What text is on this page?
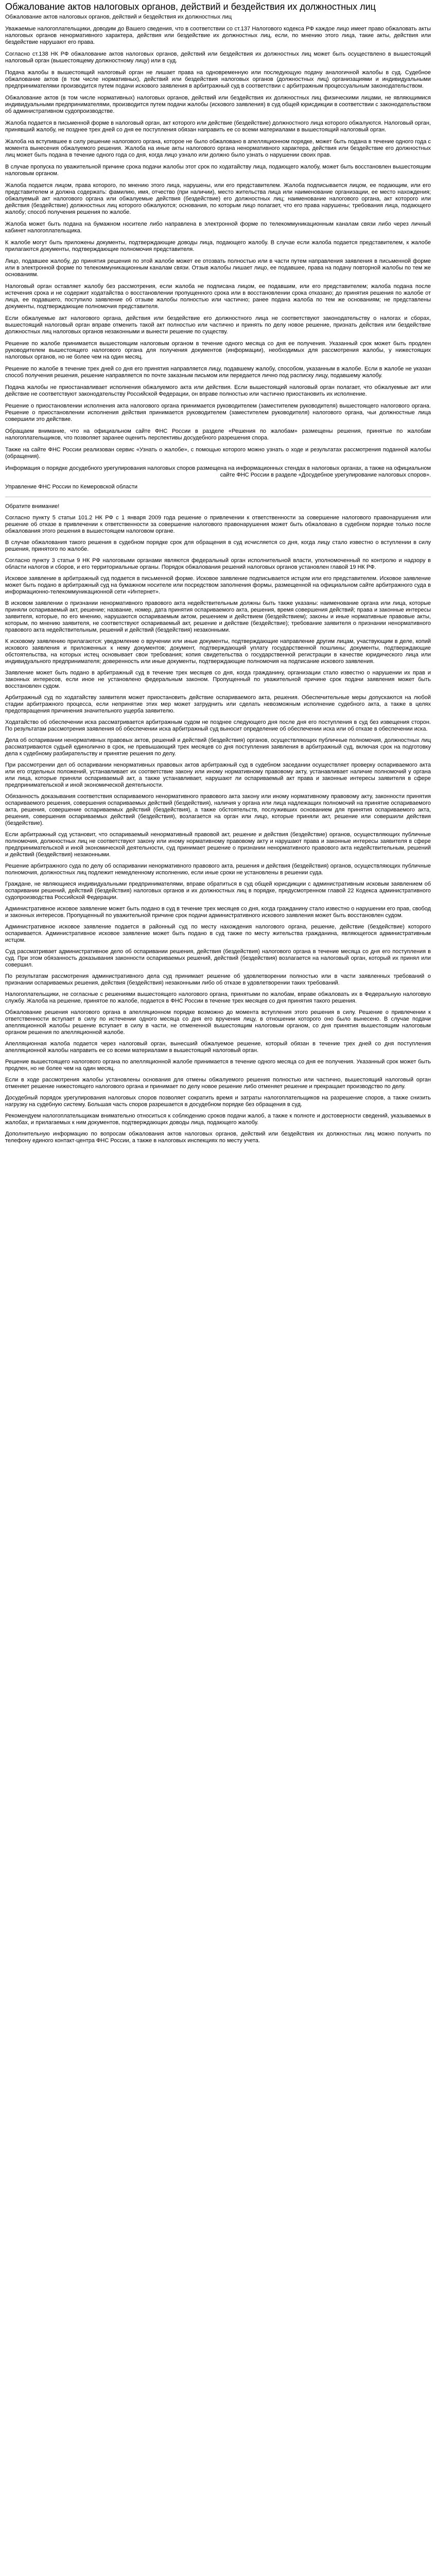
Обжалование актов налоговых органов, действий и бездействия их должностных лиц

Обжалование актов налоговых органов, действий и бездействия их должностных лиц

Уважаемые налогоплательщики, доводим до Вашего сведения, что в соответствии со ст.137 Налогового кодекса РФ каждое лицо имеет право обжаловать акты налоговых органов ненормативного характера, действия или бездействие их должностных лиц, если, по мнению этого лица, такие акты, действия или бездействие нарушают его права.

Согласно ст.138 НК РФ обжалование актов налоговых органов, действий или бездействия их должностных лиц может быть осуществлено в вышестоящий налоговый орган (вышестоящему должностному лицу) или в суд.

Подача жалобы в вышестоящий налоговый орган не лишает права на одновременную или последующую подачу аналогичной жалобы в суд. Судебное обжалование актов (в том числе нормативных), действий или бездействия налоговых органов (должностных лиц) организациями и индивидуальными предпринимателями производится путем подачи искового заявления в арбитражный суд в соответствии с арбитражным процессуальным законодательством.

Обжалование актов (в том числе нормативных) налоговых органов, действий или бездействия их должностных лиц физическими лицами, не являющимися индивидуальными предпринимателями, производится путем подачи жалобы (искового заявления) в суд общей юрисдикции в соответствии с законодательством об административном судопроизводстве.

Жалоба подается в письменной форме в налоговый орган, акт которого или действие (бездействие) должностного лица которого обжалуются. Налоговый орган, принявший жалобу, не позднее трех дней со дня ее поступления обязан направить ее со всеми материалами в вышестоящий налоговый орган.

Жалоба на вступившее в силу решение налогового органа, которое не было обжаловано в апелляционном порядке, может быть подана в течение одного года с момента вынесения обжалуемого решения. Жалоба на иные акты налогового органа ненормативного характера, действия или бездействие его должностных лиц может быть подана в течение одного года со дня, когда лицо узнало или должно было узнать о нарушении своих прав.

В случае пропуска по уважительной причине срока подачи жалобы этот срок по ходатайству лица, подающего жалобу, может быть восстановлен вышестоящим налоговым органом.

Жалоба подается лицом, права которого, по мнению этого лица, нарушены, или его представителем. Жалоба подписывается лицом, ее подающим, или его представителем и должна содержать: фамилию, имя, отчество (при наличии), место жительства лица или наименование организации, ее место нахождения; обжалуемый акт налогового органа или обжалуемые действия (бездействие) его должностных лиц; наименование налогового органа, акт которого или действия (бездействие) должностных лиц которого обжалуются; основания, по которым лицо полагает, что его права нарушены; требования лица, подающего жалобу; способ получения решения по жалобе.

Жалоба может быть подана на бумажном носителе либо направлена в электронной форме по телекоммуникационным каналам связи либо через личный кабинет налогоплательщика.

К жалобе могут быть приложены документы, подтверждающие доводы лица, подающего жалобу. В случае если жалоба подается представителем, к жалобе прилагаются документы, подтверждающие полномочия представителя.

Лицо, подавшее жалобу, до принятия решения по этой жалобе может ее отозвать полностью или в части путем направления заявления в письменной форме или в электронной форме по телекоммуникационным каналам связи. Отзыв жалобы лишает лицо, ее подавшее, права на подачу повторной жалобы по тем же основаниям.

Налоговый орган оставляет жалобу без рассмотрения, если жалоба не подписана лицом, ее подавшим, или его представителем; жалоба подана после истечения срока и не содержит ходатайства о восстановлении пропущенного срока или в восстановлении срока отказано; до принятия решения по жалобе от лица, ее подавшего, поступило заявление об отзыве жалобы полностью или частично; ранее подана жалоба по тем же основаниям; не представлены документы, подтверждающие полномочия представителя.

Если обжалуемые акт налогового органа, действия или бездействие его должностного лица не соответствуют законодательству о налогах и сборах, вышестоящий налоговый орган вправе отменить такой акт полностью или частично и принять по делу новое решение, признать действия или бездействие должностных лиц налоговых органов незаконными и вынести решение по существу.

Решение по жалобе принимается вышестоящим налоговым органом в течение одного месяца со дня ее получения. Указанный срок может быть продлен руководителем вышестоящего налогового органа для получения документов (информации), необходимых для рассмотрения жалобы, у нижестоящих налоговых органов, но не более чем на один месяц.

Решение по жалобе в течение трех дней со дня его принятия направляется лицу, подавшему жалобу, способом, указанным в жалобе. Если в жалобе не указан способ получения решения, решение направляется по почте заказным письмом или передается лично под расписку лицу, подавшему жалобу.

Подача жалобы не приостанавливает исполнения обжалуемого акта или действия. Если вышестоящий налоговый орган полагает, что обжалуемые акт или действие не соответствуют законодательству Российской Федерации, он вправе полностью или частично приостановить их исполнение.

Решение о приостановлении исполнения акта налогового органа принимается руководителем (заместителем руководителя) вышестоящего налогового органа. Решение о приостановлении исполнения действия принимается руководителем (заместителем руководителя) налогового органа, чьи должностные лица совершили это действие.

Обращаем внимание, что на официальном сайте ФНС России в разделе «Решения по жалобам» размещены решения, принятые по жалобам налогоплательщиков, что позволяет заранее оценить перспективы досудебного разрешения спора.

Также на сайте ФНС России реализован сервис «Узнать о жалобе», с помощью которого можно узнать о ходе и результатах рассмотрения поданной жалобы (обращения).

Информация о порядке досудебного урегулирования налоговых споров размещена на информационных стендах в налоговых органах, а также на официальном сайте ФНС России в разделе «Досудебное урегулирование налоговых споров».

Управление ФНС России по Кемеровской области

Обратите внимание!

Согласно пункту 5 статьи 101.2 НК РФ с 1 января 2009 года решение о привлечении к ответственности за совершение налогового правонарушения или решение об отказе в привлечении к ответственности за совершение налогового правонарушения может быть обжаловано в судебном порядке только после обжалования этого решения в вышестоящем налоговом органе.

В случае обжалования такого решения в судебном порядке срок для обращения в суд исчисляется со дня, когда лицу стало известно о вступлении в силу решения, принятого по жалобе.

Согласно пункту 3 статьи 9 НК РФ налоговыми органами являются федеральный орган исполнительной власти, уполномоченный по контролю и надзору в области налогов и сборов, и его территориальные органы. Порядок обжалования решений налоговых органов установлен главой 19 НК РФ.

Исковое заявление в арбитражный суд подается в письменной форме. Исковое заявление подписывается истцом или его представителем. Исковое заявление может быть подано в арбитражный суд на бумажном носителе или посредством заполнения формы, размещенной на официальном сайте арбитражного суда в информационно-телекоммуникационной сети «Интернет».

В исковом заявлении о признании ненормативного правового акта недействительным должны быть также указаны: наименование органа или лица, которые приняли оспариваемый акт, решение; название, номер, дата принятия оспариваемого акта, решения, время совершения действий; права и законные интересы заявителя, которые, по его мнению, нарушаются оспариваемым актом, решением и действием (бездействием); законы и иные нормативные правовые акты, которым, по мнению заявителя, не соответствуют оспариваемый акт, решение и действие (бездействие); требование заявителя о признании ненормативного правового акта недействительным, решений и действий (бездействия) незаконными.

К исковому заявлению прилагаются: уведомление о вручении или иные документы, подтверждающие направление другим лицам, участвующим в деле, копий искового заявления и приложенных к нему документов; документ, подтверждающий уплату государственной пошлины; документы, подтверждающие обстоятельства, на которых истец основывает свои требования; копия свидетельства о государственной регистрации в качестве юридического лица или индивидуального предпринимателя; доверенность или иные документы, подтверждающие полномочия на подписание искового заявления.

Заявление может быть подано в арбитражный суд в течение трех месяцев со дня, когда гражданину, организации стало известно о нарушении их прав и законных интересов, если иное не установлено федеральным законом. Пропущенный по уважительной причине срок подачи заявления может быть восстановлен судом.

Арбитражный суд по ходатайству заявителя может приостановить действие оспариваемого акта, решения. Обеспечительные меры допускаются на любой стадии арбитражного процесса, если непринятие этих мер может затруднить или сделать невозможным исполнение судебного акта, а также в целях предотвращения причинения значительного ущерба заявителю.

Ходатайство об обеспечении иска рассматривается арбитражным судом не позднее следующего дня после дня его поступления в суд без извещения сторон. По результатам рассмотрения заявления об обеспечении иска арбитражный суд выносит определение об обеспечении иска или об отказе в обеспечении иска.

Дела об оспаривании ненормативных правовых актов, решений и действий (бездействия) органов, осуществляющих публичные полномочия, должностных лиц рассматриваются судьей единолично в срок, не превышающий трех месяцев со дня поступления заявления в арбитражный суд, включая срок на подготовку дела к судебному разбирательству и принятие решения по делу.

При рассмотрении дел об оспаривании ненормативных правовых актов арбитражный суд в судебном заседании осуществляет проверку оспариваемого акта или его отдельных положений, устанавливает их соответствие закону или иному нормативному правовому акту, устанавливает наличие полномочий у органа или лица, которые приняли оспариваемый акт, а также устанавливает, нарушают ли оспариваемый акт права и законные интересы заявителя в сфере предпринимательской и иной экономической деятельности.

Обязанность доказывания соответствия оспариваемого ненормативного правового акта закону или иному нормативному правовому акту, законности принятия оспариваемого решения, совершения оспариваемых действий (бездействия), наличия у органа или лица надлежащих полномочий на принятие оспариваемого акта, решения, совершение оспариваемых действий (бездействия), а также обстоятельств, послуживших основанием для принятия оспариваемого акта, решения, совершения оспариваемых действий (бездействия), возлагается на орган или лицо, которые приняли акт, решение или совершили действия (бездействие).

Если арбитражный суд установит, что оспариваемый ненормативный правовой акт, решение и действия (бездействие) органов, осуществляющих публичные полномочия, должностных лиц не соответствуют закону или иному нормативному правовому акту и нарушают права и законные интересы заявителя в сфере предпринимательской и иной экономической деятельности, суд принимает решение о признании ненормативного правового акта недействительным, решений и действий (бездействия) незаконными.

Решение арбитражного суда по делу об оспаривании ненормативного правового акта, решения и действия (бездействия) органов, осуществляющих публичные полномочия, должностных лиц подлежит немедленному исполнению, если иные сроки не установлены в решении суда.

Граждане, не являющиеся индивидуальными предпринимателями, вправе обратиться в суд общей юрисдикции с административным исковым заявлением об оспаривании решений, действий (бездействия) налоговых органов и их должностных лиц в порядке, предусмотренном главой 22 Кодекса административного судопроизводства Российской Федерации.

Административное исковое заявление может быть подано в суд в течение трех месяцев со дня, когда гражданину стало известно о нарушении его прав, свобод и законных интересов. Пропущенный по уважительной причине срок подачи административного искового заявления может быть восстановлен судом.

Административное исковое заявление подается в районный суд по месту нахождения налогового органа, решение, действие (бездействие) которого оспаривается. Административное исковое заявление может быть подано в суд также по месту жительства гражданина, являющегося административным истцом.

Суд рассматривает административное дело об оспаривании решения, действия (бездействия) налогового органа в течение месяца со дня его поступления в суд. При этом обязанность доказывания законности оспариваемых решений, действий (бездействия) возлагается на налоговый орган, который их принял или совершил.

По результатам рассмотрения административного дела суд принимает решение об удовлетворении полностью или в части заявленных требований о признании оспариваемых решения, действия (бездействия) незаконными либо об отказе в удовлетворении таких требований.

Налогоплательщики, не согласные с решениями вышестоящего налогового органа, принятыми по жалобам, вправе обжаловать их в Федеральную налоговую службу. Жалоба на решение, принятое по жалобе, подается в ФНС России в течение трех месяцев со дня принятия такого решения.

Обжалование решения налогового органа в апелляционном порядке возможно до момента вступления этого решения в силу. Решение о привлечении к ответственности вступает в силу по истечении одного месяца со дня его вручения лицу, в отношении которого оно было вынесено. В случае подачи апелляционной жалобы решение вступает в силу в части, не отмененной вышестоящим налоговым органом, со дня принятия вышестоящим налоговым органом решения по апелляционной жалобе.

Апелляционная жалоба подается через налоговый орган, вынесший обжалуемое решение, который обязан в течение трех дней со дня поступления апелляционной жалобы направить ее со всеми материалами в вышестоящий налоговый орган.

Решение вышестоящего налогового органа по апелляционной жалобе принимается в течение одного месяца со дня ее получения. Указанный срок может быть продлен, но не более чем на один месяц.

Если в ходе рассмотрения жалобы установлены основания для отмены обжалуемого решения полностью или частично, вышестоящий налоговый орган отменяет решение нижестоящего налогового органа и принимает по делу новое решение либо отменяет решение и прекращает производство по делу.

Досудебный порядок урегулирования налоговых споров позволяет сократить время и затраты налогоплательщиков на разрешение споров, а также снизить нагрузку на судебную систему. Большая часть споров разрешается в досудебном порядке без обращения в суд.

Рекомендуем налогоплательщикам внимательно относиться к соблюдению сроков подачи жалоб, а также к полноте и достоверности сведений, указываемых в жалобах, и прилагаемых к ним документов, подтверждающих доводы лица, подающего жалобу.

Дополнительную информацию по вопросам обжалования актов налоговых органов, действий или бездействия их должностных лиц можно получить по телефону единого контакт-центра ФНС России, а также в налоговых инспекциях по месту учета.
